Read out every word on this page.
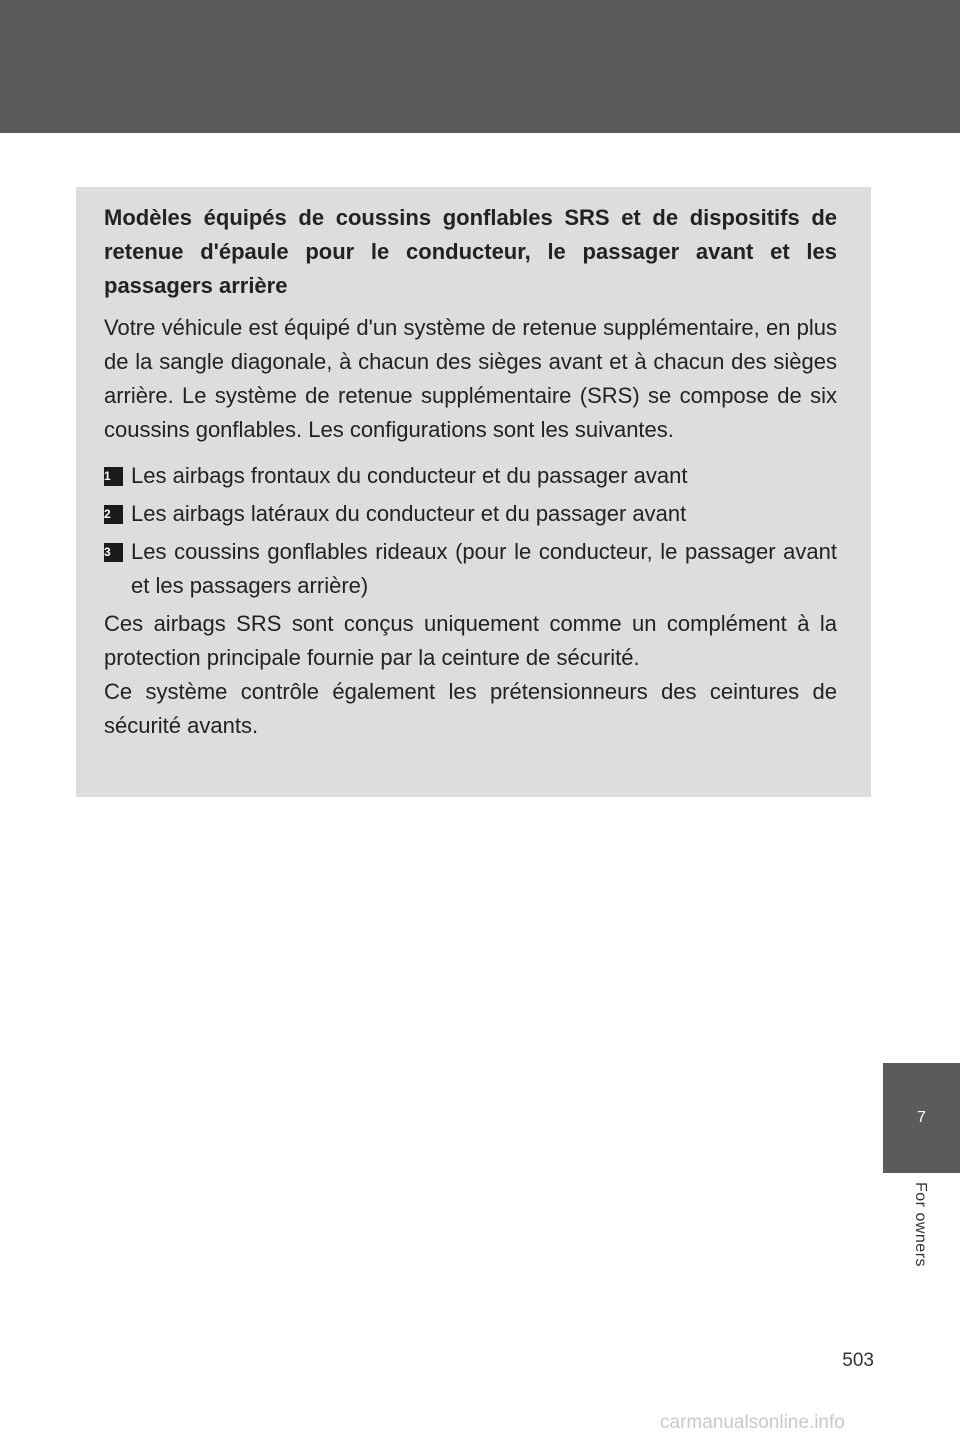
Modèles équipés de coussins gonflables SRS et de dispositifs de retenue d'épaule pour le conducteur, le passager avant et les passagers arrière

Votre véhicule est équipé d'un système de retenue supplémentaire, en plus de la sangle diagonale, à chacun des sièges avant et à chacun des sièges arrière. Le système de retenue supplémentaire (SRS) se compose de six coussins gonflables. Les configurations sont les suivantes.

1 Les airbags frontaux du conducteur et du passager avant
2 Les airbags latéraux du conducteur et du passager avant
3 Les coussins gonflables rideaux (pour le conducteur, le passager avant et les passagers arrière)

Ces airbags SRS sont conçus uniquement comme un complément à la protection principale fournie par la ceinture de sécurité.

Ce système contrôle également les prétensionneurs des ceintures de sécurité avants.

7
For owners
503
carmanualsonline.info
